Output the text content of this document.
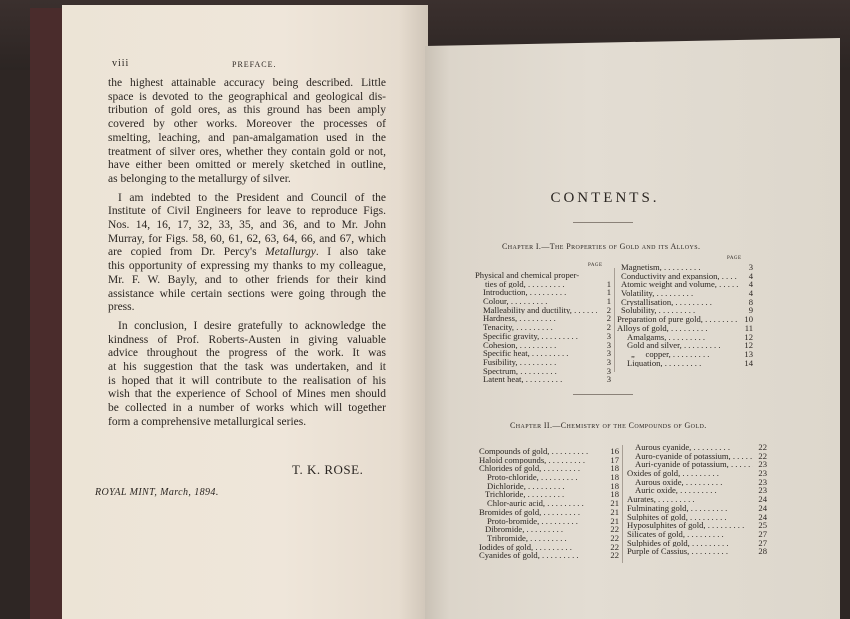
viii	PREFACE.
the highest attainable accuracy being described. Little
space is devoted to the geographical and geological dis-
tribution of gold ores, as this ground has been amply
covered by other works. Moreover the processes of
smelting, leaching, and pan-amalgamation used in the
treatment of silver ores, whether they contain gold or not,
have either been omitted or merely sketched in outline,
as belonging to the metallurgy of silver.
I am indebted to the President and Council of the
Institute of Civil Engineers for leave to reproduce Figs.
Nos. 14, 16, 17, 32, 33, 35, and 36, and to Mr. John
Murray, for Figs. 58, 60, 61, 62, 63, 64, 66, and 67, which
are copied from Dr. Percy's Metallurgy. I also take
this opportunity of expressing my thanks to my colleague,
Mr. F. W. Bayly, and to other friends for their kind
assistance while certain sections were going through the
press.
In conclusion, I desire gratefully to acknowledge the
kindness of Prof. Roberts-Austen in giving valuable
advice throughout the progress of the work. It was
at his suggestion that the task was undertaken, and it
is hoped that it will contribute to the realisation of his
wish that the experience of School of Mines men should
be collected in a number of works which will together
form a comprehensive metallurgical series.
T. K. ROSE.
ROYAL MINT, March, 1894.
CONTENTS.
Chapter I.—The Properties of Gold and its Alloys.
PAGE
PAGE
Physical and chemical proper-
ties of gold, . .	1
Introduction, . .	1
Colour, . .	1
Malleability and ductility, . .	2
Hardness, . .	2
Tenacity, . .	2
Specific gravity, . .	3
Cohesion, . .	3
Specific heat, . .	3
Fusibility, . .	3
Spectrum, . .	3
Latent heat, . .	3
Magnetism, . .	3
Conductivity and expansion, . .	4
Atomic weight and volume, . .	4
Volatility, . .	4
Crystallisation, . .	8
Solubility, . .	9
Preparation of pure gold, . .	10
Alloys of gold, . .	11
Amalgams, . .	12
Gold and silver, . .	12
„     copper, . .	13
Liquation, . .	14
Chapter II.—Chemistry of the Compounds of Gold.
Compounds of gold, . .	16
Haloid compounds, . .	17
Chlorides of gold, . .	18
Proto-chloride, . .	18
Dichloride, . .	18
Trichloride, . .	18
Chlor-auric acid, . .	21
Bromides of gold, . .	21
Proto-bromide, . .	21
Dibromide, . .	22
Tribromide, . .	22
Iodides of gold, . .	22
Cyanides of gold, . .	22
Aurous cyanide, . .	22
Auro-cyanide of potassium, . .	22
Auri-cyanide of potassium, . .	23
Oxides of gold, . .	23
Aurous oxide, . .	23
Auric oxide, . .	23
Aurates, . .	24
Fulminating gold, . .	24
Sulphites of gold, . .	24
Hyposulphites of gold, . .	25
Silicates of gold, . .	27
Sulphides of gold, . .	27
Purple of Cassius, . .	28
